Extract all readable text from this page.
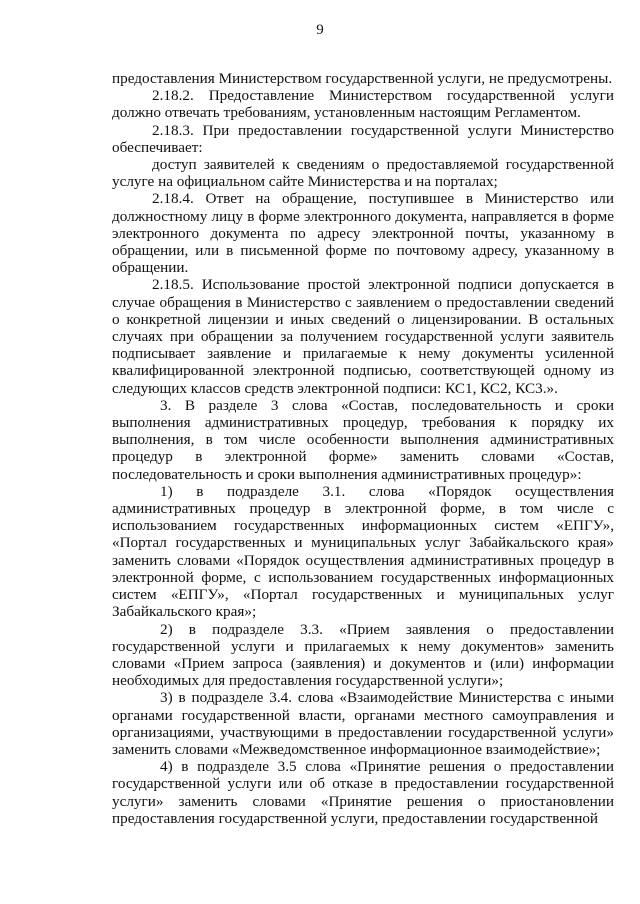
9

предоставления Министерством государственной услуги, не предусмотрены.

2.18.2. Предоставление Министерством государственной услуги должно отвечать требованиям, установленным настоящим Регламентом.

2.18.3. При предоставлении государственной услуги Министерство обеспечивает:

доступ заявителей к сведениям о предоставляемой государственной услуге на официальном сайте Министерства и на порталах;

2.18.4. Ответ на обращение, поступившее в Министерство или должностному лицу в форме электронного документа, направляется в форме электронного документа по адресу электронной почты, указанному в обращении, или в письменной форме по почтовому адресу, указанному в обращении.

2.18.5. Использование простой электронной подписи допускается в случае обращения в Министерство с заявлением о предоставлении сведений о конкретной лицензии и иных сведений о лицензировании. В остальных случаях при обращении за получением государственной услуги заявитель подписывает заявление и прилагаемые к нему документы усиленной квалифицированной электронной подписью, соответствующей одному из следующих классов средств электронной подписи: КС1, КС2, КС3.».

3. В разделе 3 слова «Состав, последовательность и сроки выполнения административных процедур, требования к порядку их выполнения, в том числе особенности выполнения административных процедур в электронной форме» заменить словами «Состав, последовательность и сроки выполнения административных процедур»:

1) в подразделе 3.1. слова «Порядок осуществления административных процедур в электронной форме, в том числе с использованием государственных информационных систем «ЕПГУ», «Портал государственных и муниципальных услуг Забайкальского края» заменить словами «Порядок осуществления административных процедур в электронной форме, с использованием государственных информационных систем «ЕПГУ», «Портал государственных и муниципальных услуг Забайкальского края»;

2) в подразделе 3.3. «Прием заявления о предоставлении государственной услуги и прилагаемых к нему документов» заменить словами «Прием запроса (заявления) и документов и (или) информации необходимых для предоставления государственной услуги»;

3) в подразделе 3.4. слова «Взаимодействие Министерства с иными органами государственной власти, органами местного самоуправления и организациями, участвующими в предоставлении государственной услуги» заменить словами «Межведомственное информационное взаимодействие»;

4) в подразделе 3.5 слова «Принятие решения о предоставлении государственной услуги или об отказе в предоставлении государственной услуги» заменить словами «Принятие решения о приостановлении предоставления государственной услуги, предоставлении государственной
